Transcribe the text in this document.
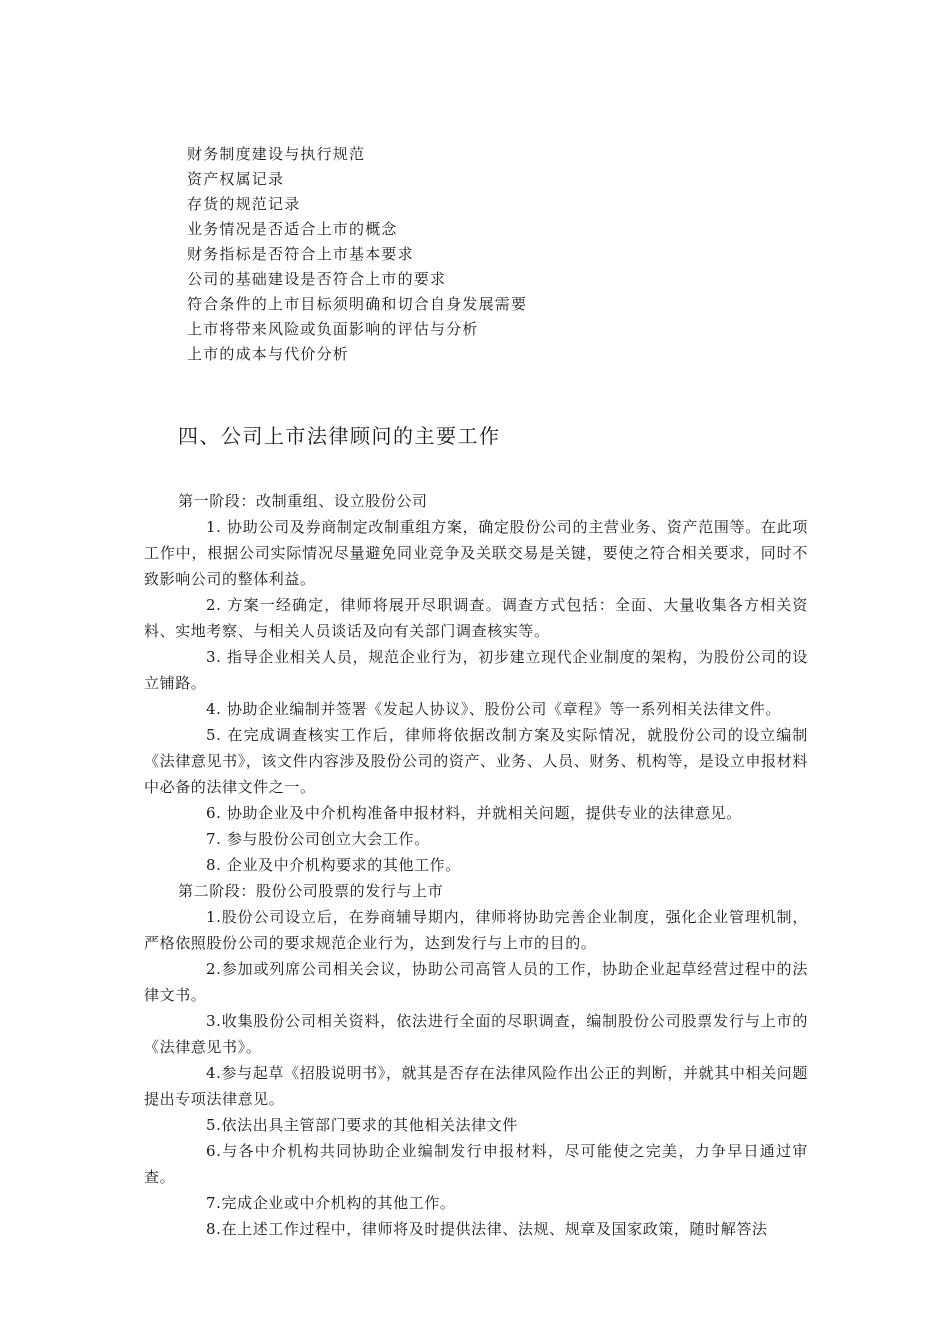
财务制度建设与执行规范
资产权属记录
存货的规范记录
业务情况是否适合上市的概念
财务指标是否符合上市基本要求
公司的基础建设是否符合上市的要求
符合条件的上市目标须明确和切合自身发展需要
上市将带来风险或负面影响的评估与分析
上市的成本与代价分析
四、公司上市法律顾问的主要工作

第一阶段：改制重组、设立股份公司

1. 协助公司及券商制定改制重组方案，确定股份公司的主营业务、资产范围等。在此项工作中，根据公司实际情况尽量避免同业竞争及关联交易是关键，要使之符合相关要求，同时不致影响公司的整体利益。

2. 方案一经确定，律师将展开尽职调查。调查方式包括：全面、大量收集各方相关资料、实地考察、与相关人员谈话及向有关部门调查核实等。

3. 指导企业相关人员，规范企业行为，初步建立现代企业制度的架构，为股份公司的设立铺路。

4. 协助企业编制并签署《发起人协议》、股份公司《章程》等一系列相关法律文件。

5. 在完成调查核实工作后，律师将依据改制方案及实际情况，就股份公司的设立编制《法律意见书》，该文件内容涉及股份公司的资产、业务、人员、财务、机构等，是设立申报材料中必备的法律文件之一。

6. 协助企业及中介机构准备申报材料，并就相关问题，提供专业的法律意见。

7. 参与股份公司创立大会工作。

8. 企业及中介机构要求的其他工作。

第二阶段：股份公司股票的发行与上市

1.股份公司设立后，在券商辅导期内，律师将协助完善企业制度，强化企业管理机制，严格依照股份公司的要求规范企业行为，达到发行与上市的目的。

2.参加或列席公司相关会议，协助公司高管人员的工作，协助企业起草经营过程中的法律文书。

3.收集股份公司相关资料，依法进行全面的尽职调查，编制股份公司股票发行与上市的《法律意见书》。

4.参与起草《招股说明书》，就其是否存在法律风险作出公正的判断，并就其中相关问题提出专项法律意见。

5.依法出具主管部门要求的其他相关法律文件

6.与各中介机构共同协助企业编制发行申报材料，尽可能使之完美，力争早日通过审查。

7.完成企业或中介机构的其他工作。

8.在上述工作过程中，律师将及时提供法律、法规、规章及国家政策，随时解答法
